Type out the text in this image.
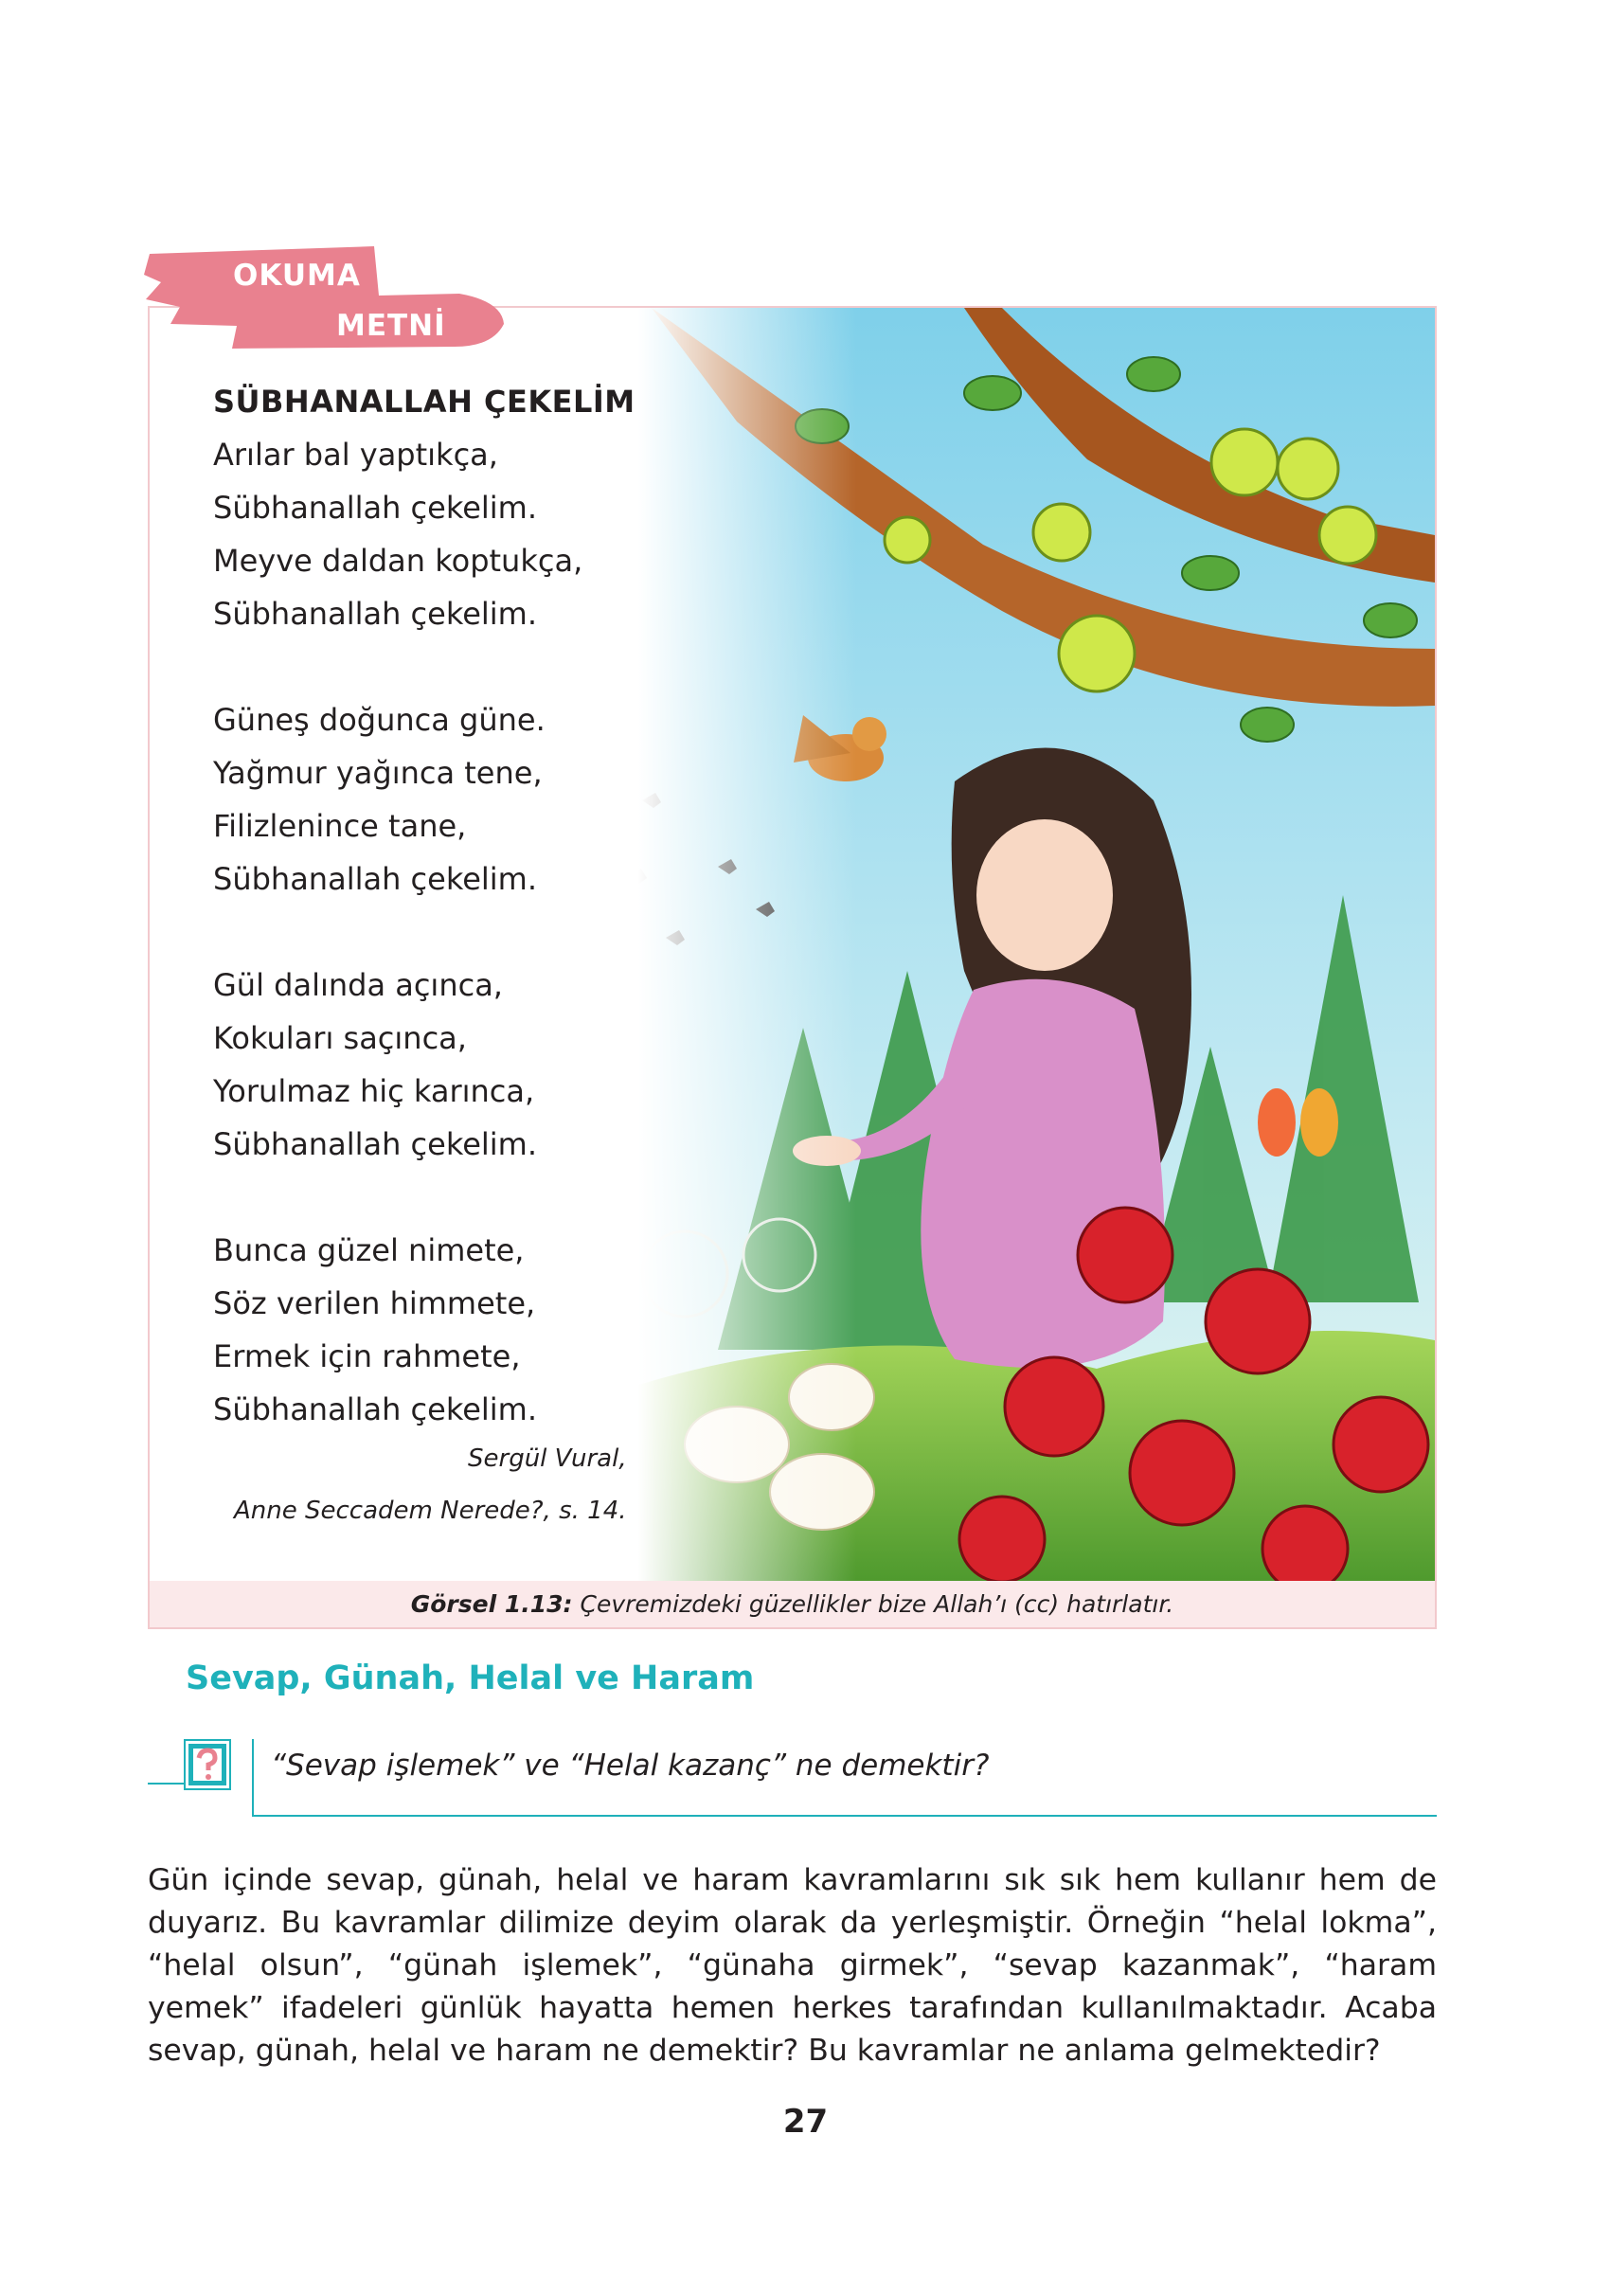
Görsel 1.13: Çevremizdeki güzellikler bize Allah’ı (cc) hatırlatır.
OKUMA
METNİ
SÜBHANALLAH ÇEKELİM
Arılar bal yaptıkça,
Sübhanallah çekelim.
Meyve daldan koptukça,
Sübhanallah çekelim.
Güneş doğunca güne.
Yağmur yağınca tene,
Filizlenince tane,
Sübhanallah çekelim.
Gül dalında açınca,
Kokuları saçınca,
Yorulmaz hiç karınca,
Sübhanallah çekelim.
Bunca güzel nimete,
Söz verilen himmete,
Ermek için rahmete,
Sübhanallah çekelim.
Sergül Vural,
Anne Seccadem Nerede?, s. 14.
Sevap, Günah, Helal ve Haram
“Sevap işlemek” ve “Helal kazanç” ne demektir?
Gün içinde sevap, günah, helal ve haram kavramlarını sık sık hem kullanır hem de duyarız. Bu kavramlar dilimize deyim olarak da yerleşmiştir. Örneğin “helal lokma”, “helal olsun”, “günah işlemek”, “günaha girmek”, “sevap kazanmak”, “haram yemek” ifadeleri günlük hayatta hemen herkes tarafından kullanılmaktadır. Acaba sevap, günah, helal ve haram ne demektir? Bu kavramlar ne anlama gelmektedir?
27
